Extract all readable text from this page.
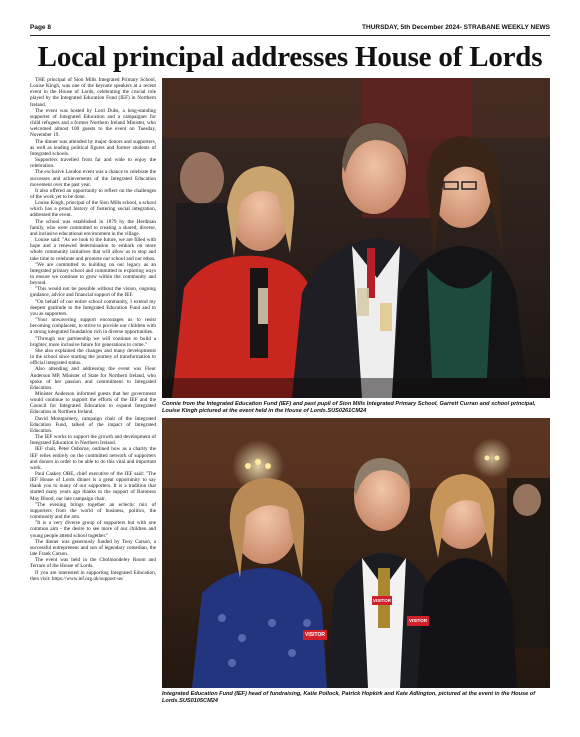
Page 8	THURSDAY, 5th December 2024- STRABANE WEEKLY NEWS
Local principal addresses House of Lords

THE principal of Sion Mills Integrated Primary School, Louise Kingh, was one of the keynote speakers at a recent event in the House of Lords, celebrating the crucial role played by the Integrated Education Fund (IEF) in Northern Ireland.

The event was hosted by Lord Dubs, a long-standing supporter of Integrated Education and a campaigner for child refugees and a former Northern Ireland Minister, who welcomed almost 100 guests to the event on Tuesday, November 19.

The dinner was attended by major donors and supporters, as well as leading political figures and former students of Integrated schools.

Supporters travelled from far and wide to enjoy the celebration.

The exclusive London event was a chance to celebrate the successes and achievements of the Integrated Education movement over the past year.

It also offered an opportunity to reflect on the challenges of the work yet to be done.

Louise Kingh, principal of the Sion Mills school, a school which has a proud history of fostering social integration, addressed the event.

The school was established in 1879 by the Herdman family, who were committed to creating a shared, diverse, and inclusive educational environment in the village.

Louise said: "As we look to the future, we are filled with hope and a renewed determination to embark on more whole community initiatives that will allow us to stop and take time to celebrate and promote our school and our ethos.

"We are committed to building on our legacy as an Integrated primary school and committed to exploring ways to ensure we continue to grow within the community and beyond.

"This would not be possible without the vision, ongoing guidance, advice and financial support of the IEF.

"On behalf of our entire school community, I extend my deepest gratitude to the Integrated Education Fund and to you as supporters.

"Your unwavering support encourages us to resist becoming complacent, to strive to provide our children with a strong integrated foundation rich in diverse opportunities.

"Through our partnership we will continue to build a brighter, more inclusive future for generations to come."

She also explained the changes and many developments in the school since starting the journey of transformation to official integrated status.

Also attending and addressing the event was Fleur Anderson MP, Minister of State for Northern Ireland, who spoke of her passion and commitment to Integrated Education.

Minister Anderson informed guests that her government would continue to support the efforts of the IEF and the Council for Integrated Education to expand Integrated Education in Northern Ireland.

David Montgomery, campaign chair of the Integrated Education Fund, talked of the impact of Integrated Education.

The IEF works to support the growth and development of Integrated Education in Northern Ireland.

IEF chair, Peter Osborne, outlined how as a charity the IEF relies entirely on the committed network of supporters and donors in order to be able to do this vital and important work.

Paul Caskey OBE, chief executive of the IEF said: "The IEF House of Lords dinner is a great opportunity to say thank you to many of our supporters. It is a tradition that started many years ago thanks to the support of Baroness May Blood, our late campaign chair.

"The evening brings together an eclectic mix of supporters from the world of business, politics, the community and the arts.

"It is a very diverse group of supporters but with one common aim - the desire to see more of our children and young people attend school together."

The dinner was generously funded by Tony Carson, a successful entrepreneur and son of legendary comedian, the late Frank Carson.

The event was held in the Cholmondeley Room and Terrace of the House of Lords.

If you are interested in supporting Integrated Education, then visit: https://www.ief.org.uk/support-us/

Connie from the Integrated Education Fund (IEF) and past pupil of Sion Mills Integrated Primary School, Garrett Curran and school principal, Louise Kingh pictured at the event held in the House of Lords.SUS0261CM24
VISITOR
VISITOR
VISITOR
Integrated Education Fund (IEF) head of fundraising, Katie Pollock, Patrick Hopkirk and Kate Adlington, pictured at the event in the House of Lords.SUS0105CM24
